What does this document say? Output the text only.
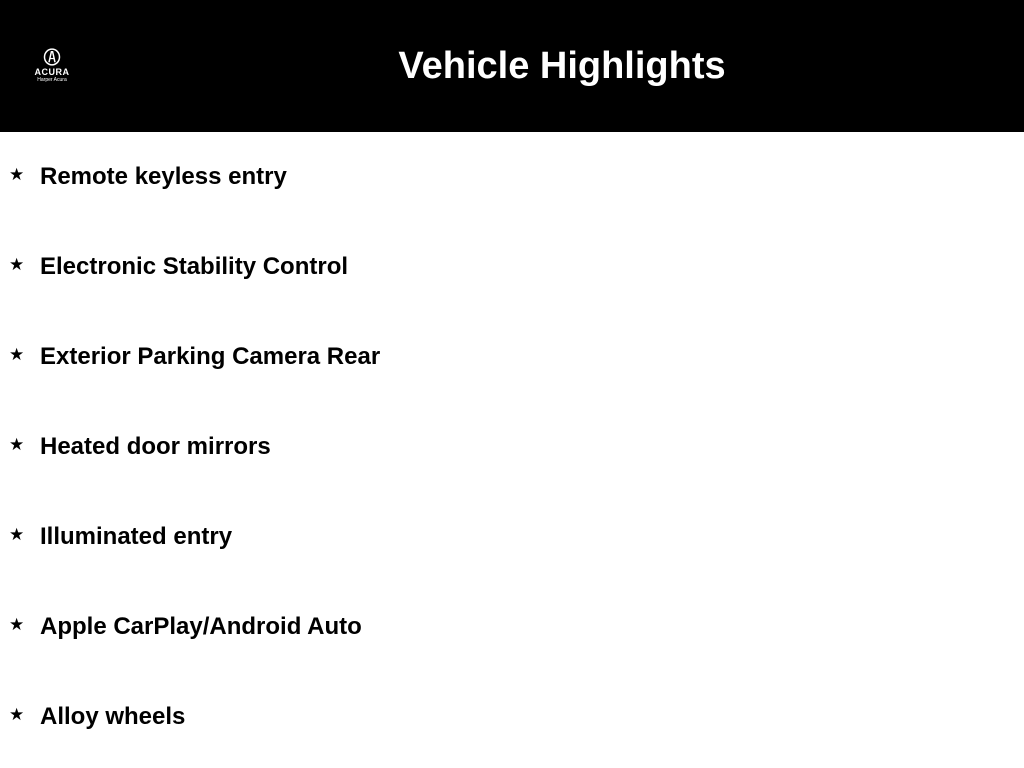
ACURA
Harper Acura	Vehicle Highlights
★ Remote keyless entry
★ Electronic Stability Control
★ Exterior Parking Camera Rear
★ Heated door mirrors
★ Illuminated entry
★ Apple CarPlay/Android Auto
★ Alloy wheels
